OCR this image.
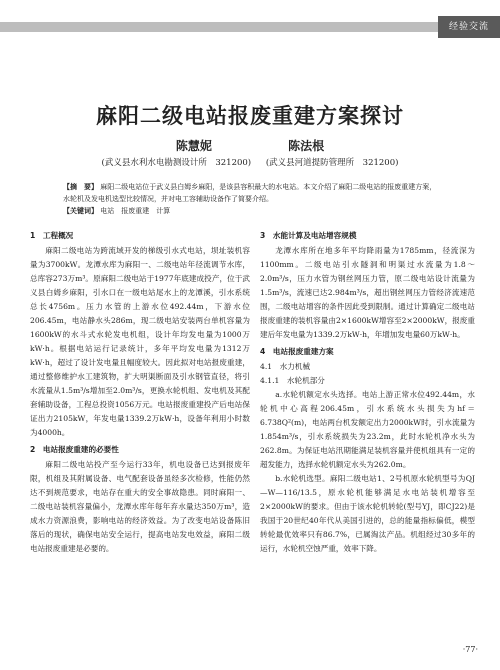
经验交流
麻阳二级电站报废重建方案探讨
陈慧妮	陈法根
(武义县水利水电勘测设计所　321200) (武义县河道提防管理所　321200)
【摘　要】 麻阳二级电站位于武义县白姆乡麻阳，是该县容积最大的水电站。本文介绍了麻阳二级电站的报废重建方案，水轮机及发电机选型比较情况，并对电工容辅助设备作了简要介绍。
【关键词】 电站　报废重建　计算

1　工程概况

麻阳二级电站为跨流域开发的梯级引水式电站，坝址装机容量为3700kW。龙潭水库为麻阳一、二级电站年径流调节水库，总库容273万m³。原麻阳二级电站于1977年底建成投产，位于武义县白姆乡麻阳，引水口在一级电站尾水上的龙潭溪，引水系统总长4756m。压力水管的上游水位492.44m，下游水位206.45m，电站静水头286m，现二级电站安装两台单机容量为1600kW的水斗式水轮发电机组，设计年均发电量为1000万kW·h。根据电站运行记录统计，多年平均发电量为1312万kW·h，超过了设计发电量且幅度较大。因此拟对电站报废重建，通过整修维护水工建筑物，扩大明渠断面及引水钢管直径，将引水流量从1.5m³/s增加至2.0m³/s，更换水轮机组、发电机及其配套辅助设备，工程总投资1056万元。电站报废重建投产后电站保证出力2105kW，年发电量1339.2万kW·h，设备年利用小时数为4000h。

2　电站报废重建的必要性

麻阳二级电站投产至今运行33年，机电设备已达到报废年限，机组及其附属设备、电气配套设备虽经多次检修，性能仍然达不到规范要求，电站存在重大的安全事故隐患。同时麻阳一、二级电站装机容量偏小，龙潭水库年每年弃水量达350万m³，造成水力资源浪费，影响电站的经济效益。为了改变电站设备陈旧落后的现状，确保电站安全运行，提高电站发电效益，麻阳二级电站报废重建是必要的。

3　水能计算及电站增容规模

龙潭水库所在地多年平均降雨量为1785mm，径流深为1100mm。二级电站引水隧洞和明渠过水流量为1.8～2.0m³/s，压力水管为钢丝网压力管，原二级电站设计流量为1.5m³/s，流速已达2.984m³/s，超出钢丝网压力管经济流速范围，二级电站增容的条件因此受到限制。通过计算确定二级电站报废重建的装机容量由2×1600kW增容至2×2000kW，报废重建后年发电量为1339.2万kW·h，年增加发电量60万kW·h。

4　电站报废重建方案

4.1　水力机械

4.1.1　水轮机部分

a.水轮机额定水头选择。电站上游正常水位492.44m，水轮机中心高程206.45m，引水系统水头损失为hf＝6.738Q²(m)，电站两台机发额定出力2000kW时，引水流量为1.854m³/s，引水系统损失为23.2m，此时水轮机净水头为262.8m。为保证电站汛期能满足装机容量并使机组具有一定的超发能力，选择水轮机额定水头为262.0m。

b.水轮机选型。麻阳二级电站1、2号机原水轮机型号为QJ—W—116/13.5，原水轮机能够满足水电站装机增容至2×2000kW的要求。但由于该水轮机转轮(型号YJ，即CJ22)是我国于20世纪40年代从美国引进的，总的能量指标偏低，模型转轮最优效率只有86.7%，已属淘汰产品。机组经过30多年的运行，水轮机空蚀严重，效率下降。

·77·
